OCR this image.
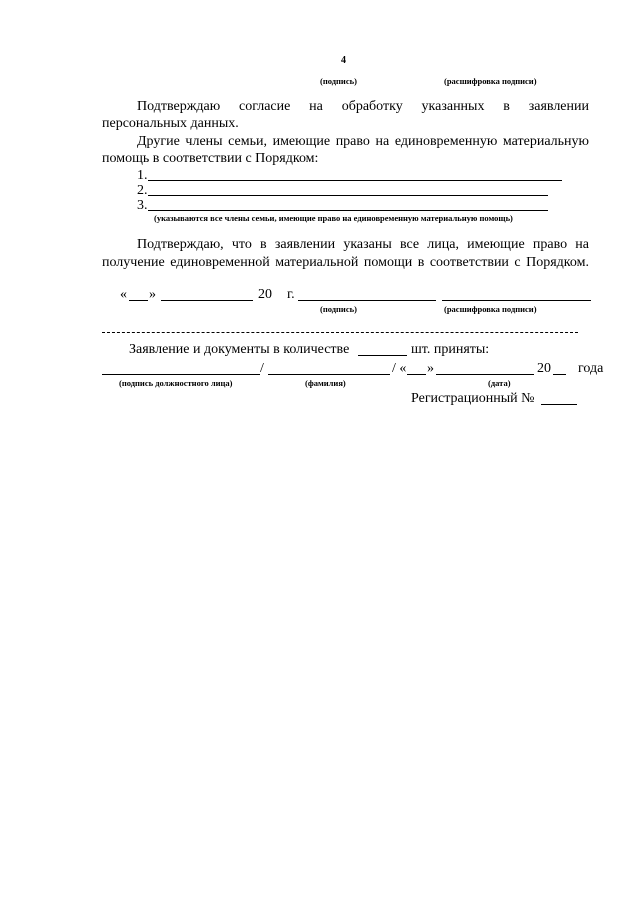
4
(подпись)	(расшифровка подписи)
Подтверждаю согласие на обработку указанных в заявлении
персональных данных.
Другие члены семьи, имеющие право на единовременную материальную
помощь в соответствии с Порядком:
1.
2.
3.
(указываются все члены семьи, имеющие право на единовременную материальную помощь)
Подтверждаю, что в заявлении указаны все лица, имеющие право на
получение единовременной материальной помощи в соответствии с Порядком.
« »	20 г.
(подпись)	(расшифровка подписи)
Заявление и документы в количестве	шт. приняты:
/	/ « »	20 года
(подпись должностного лица)	(фамилия)	(дата)
Регистрационный №
